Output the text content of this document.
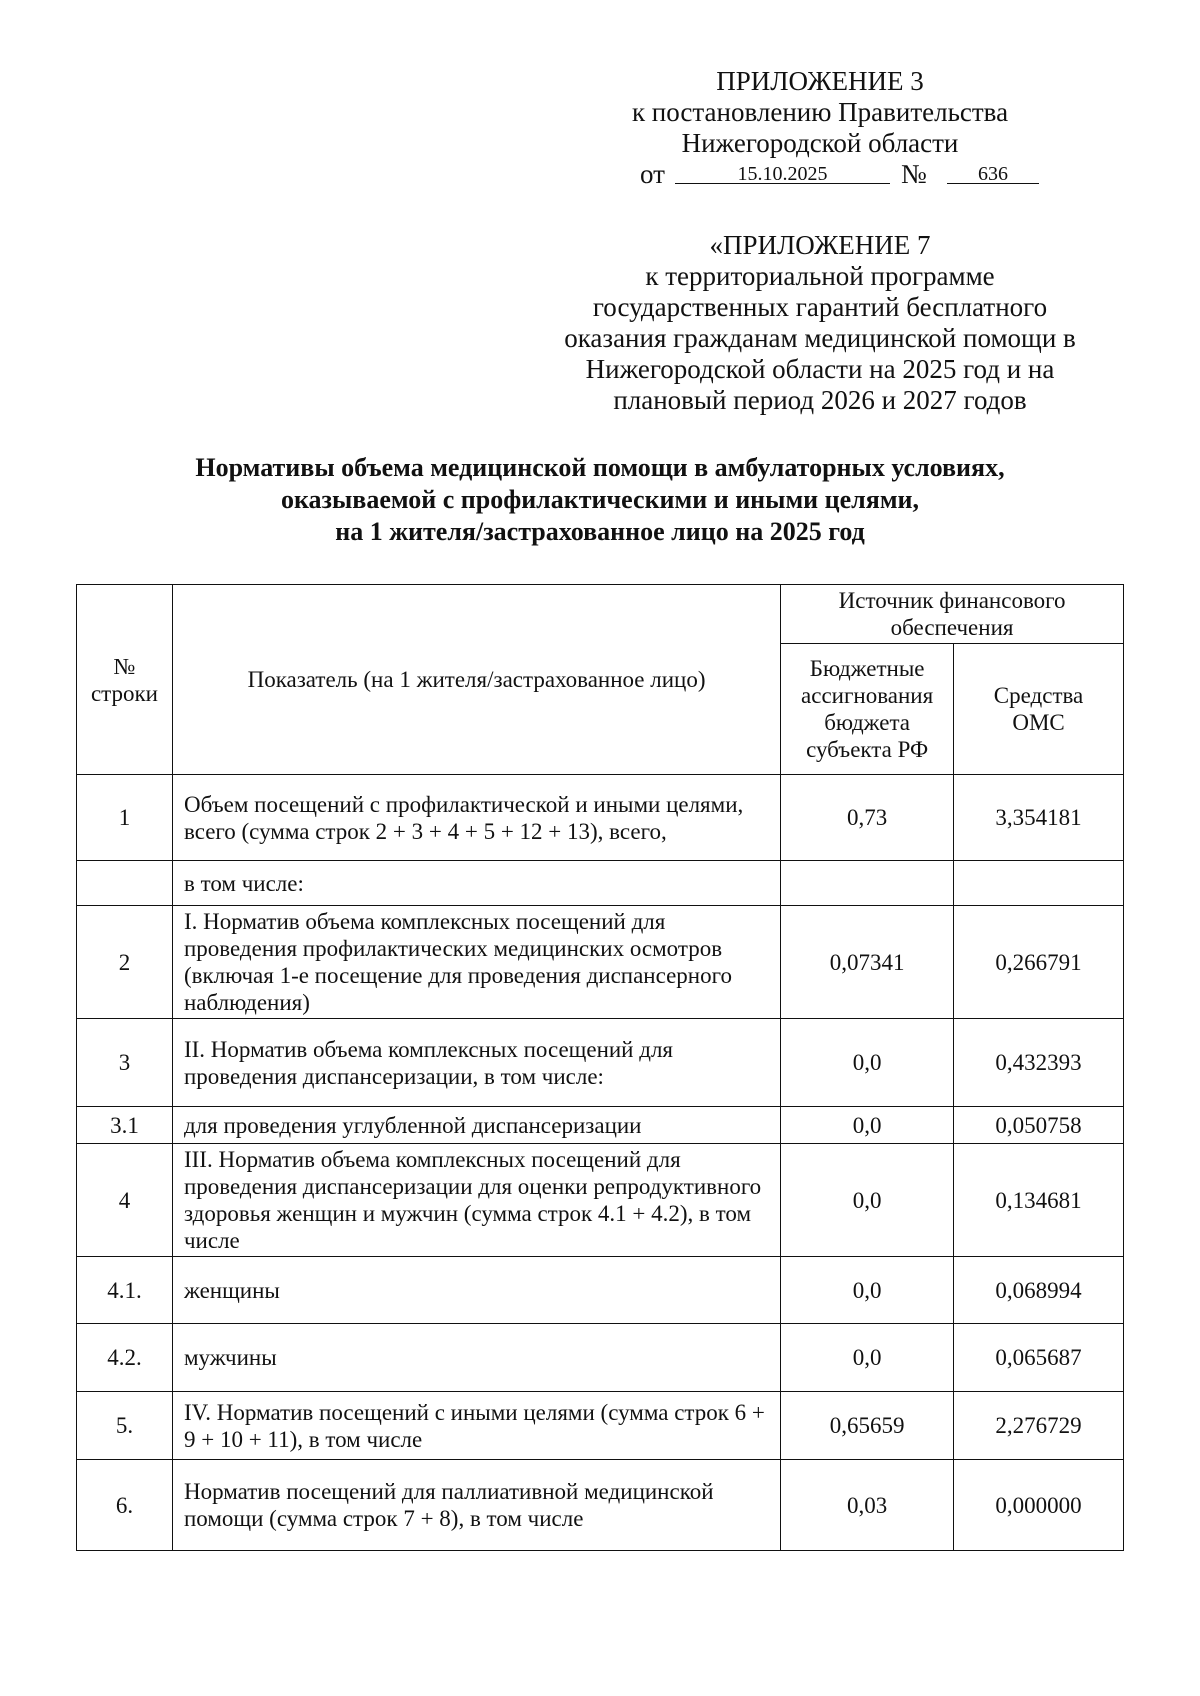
ПРИЛОЖЕНИЕ 3
к постановлению Правительства
Нижегородской области
от	15.10.2025	№	636
«ПРИЛОЖЕНИЕ 7
к территориальной программе
государственных гарантий бесплатного
оказания гражданам медицинской помощи в
Нижегородской области на 2025 год и на
плановый период 2026 и 2027 годов
Нормативы объема медицинской помощи в амбулаторных условиях,
оказываемой с профилактическими и иными целями,
на 1 жителя/застрахованное лицо на 2025 год
№ строки	Показатель (на 1 жителя/застрахованное лицо)	Источник финансового обеспечения	
		Бюджетные ассигнования бюджета субъекта РФ	Средства ОМС
1	Объем посещений с профилактической и иными целями, всего (сумма строк 2 + 3 + 4 + 5 + 12 + 13), всего,	0,73	3,354181
	в том числе:		
2	I. Норматив объема комплексных посещений для проведения профилактических медицинских осмотров (включая 1-е посещение для проведения диспансерного наблюдения)	0,07341	0,266791
3	II. Норматив объема комплексных посещений для проведения диспансеризации, в том числе:	0,0	0,432393
3.1	для проведения углубленной диспансеризации	0,0	0,050758
4	III. Норматив объема комплексных посещений для проведения диспансеризации для оценки репродуктивного здоровья женщин и мужчин (сумма строк 4.1 + 4.2), в том числе	0,0	0,134681
4.1.	женщины	0,0	0,068994
4.2.	мужчины	0,0	0,065687
5.	IV. Норматив посещений с иными целями (сумма строк 6 + 9 + 10 + 11), в том числе	0,65659	2,276729
6.	Норматив посещений для паллиативной медицинской помощи (сумма строк 7 + 8), в том числе	0,03	0,000000
